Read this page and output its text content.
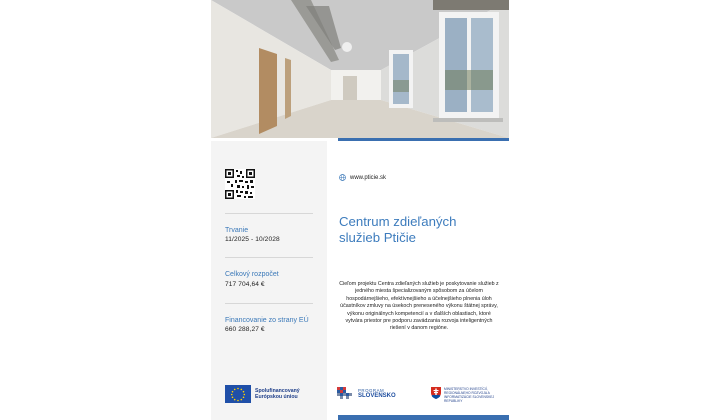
Trvanie
11/2025 - 10/2028
Celkový rozpočet
717 704,64 €
Financovanie zo strany EÚ
660 288,27 €
www.pticie.sk
Centrum zdieľaných
služieb Ptičie
Cieľom projektu Centra zdieľaných služieb je poskytovanie služieb z jedného miesta špecializovaným spôsobom za účelom hospodárnejšieho, efektívnejšieho a účelnejšieho plnenia úloh účastníkov zmluvy na úsekoch preneseného výkonu štátnej správy, výkonu originálnych kompetencií a v ďalších oblastiach, ktoré vytvára priestor pre podporu zavádzania rozvoja inteligentných riešení v danom regióne.
Spolufinancovaný
Európskou úniou
PROGRAM
SLOVENSKO
MINISTERSTVO INVESTÍCIÍ, REGIONÁLNEHO ROZVOJA A INFORMATIZÁCIE SLOVENSKEJ REPUBLIKY
